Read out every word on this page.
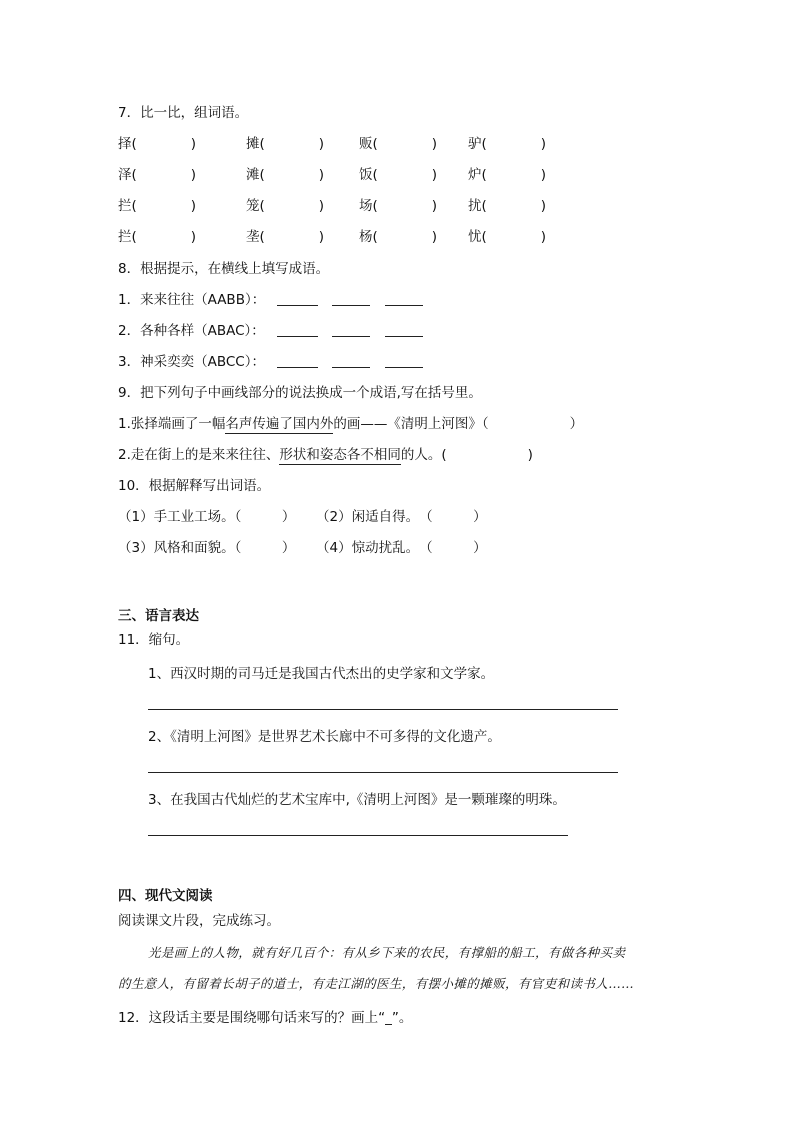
7．比一比，组词语。
择(　　　　)	摊(　　　　)	贩(　　　　) 驴(　　　　)
泽(　　　　)	滩(　　　　)	饭(　　　　) 炉(　　　　)
拦(　　　　)	笼(　　　　)	场(　　　　) 扰(　　　　)
拦(　　　　)	垄(　　　　)	杨(　　　　) 忧(　　　　)
8．根据提示，在横线上填写成语。
1．来来往往（AABB）：
2．各种各样（ABAC）：
3．神采奕奕（ABCC）：
9．把下列句子中画线部分的说法换成一个成语,写在括号里。
1.张择端画了一幅名声传遍了国内外的画——《清明上河图》（　　　　　　）
2.走在街上的是来来往往、形状和姿态各不相同的人。(　　　　　　)
10．根据解释写出词语。
（1）手工业工场。（　　　） （2）闲适自得。　（　　　）
（3）风格和面貌。（　　　） （4）惊动扰乱。　（　　　）
三、语言表达
11．缩句。
1、西汉时期的司马迁是我国古代杰出的史学家和文学家。
2、《清明上河图》是世界艺术长廊中不可多得的文化遗产。
3、在我国古代灿烂的艺术宝库中,《清明上河图》是一颗璀璨的明珠。
四、现代文阅读
阅读课文片段，完成练习。
光是画上的人物，就有好几百个：有从乡下来的农民，有撑船的船工，有做各种买卖
的生意人，有留着长胡子的道士，有走江湖的医生，有摆小摊的摊贩，有官吏和读书人……
12．这段话主要是围绕哪句话来写的？画上“_”。
